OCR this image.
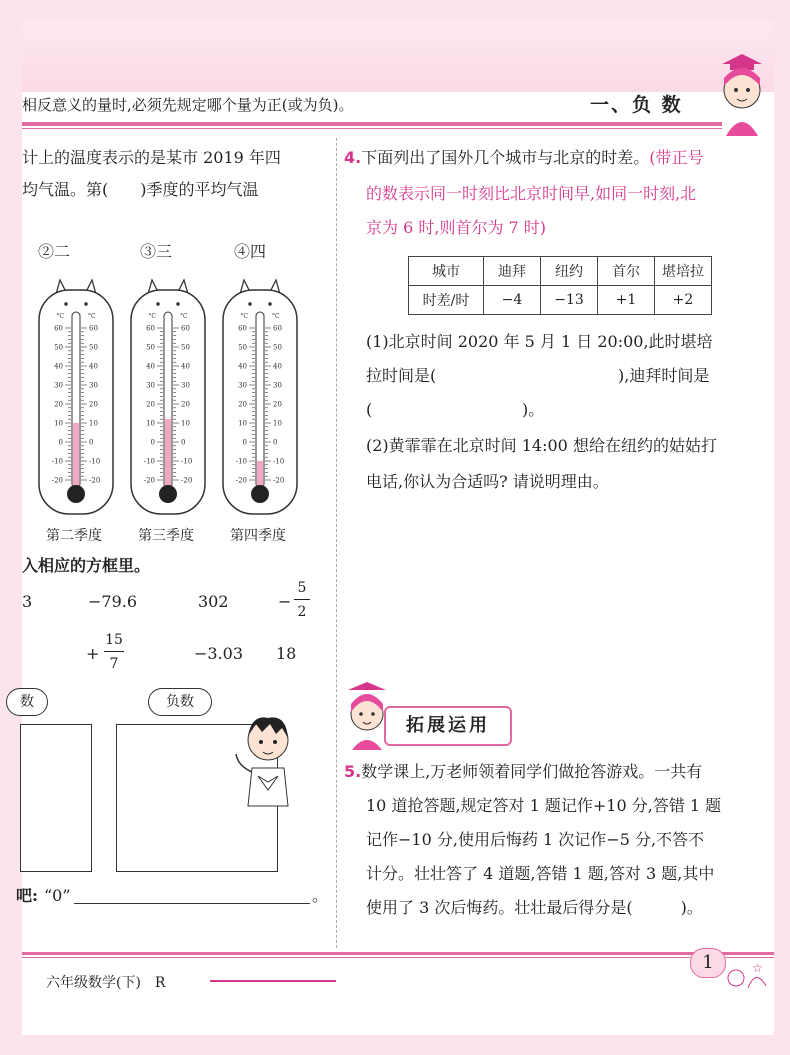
相反意义的量时,必须先规定哪个量为正(或为负)。	一、负 数
计上的温度表示的是某市 2019 年四
均气温。第(　　)季度的平均气温
②二	③三	④四
°C	°C
60	60
50	50
40	40
30	30
20	20
10	10
0	0
-10	-10
-20	-20
°C	°C
60	60
50	50
40	40
30	30
20	20
10	10
0	0
-10	-10
-20	-20
°C	°C
60	60
50	50
40	40
30	30
20	20
10	10
0	0
-10	-10
-20	-20
第二季度	第三季度	第四季度
入相应的方框里。
3	−79.6	302	−
5
2
+
15
7
−3.03 18
数	负数
吧: “0”	。
4.下面列出了国外几个城市与北京的时差。(带正号
的数表示同一时刻比北京时间早,如同一时刻,北
京为 6 时,则首尔为 7 时)
城市	迪拜	纽约	首尔	堪培拉
时差/时	−4	−13	+1	+2
(1)北京时间 2020 年 5 月 1 日 20:00,此时堪培
拉时间是(	),迪拜时间是
(	)。
(2)黄霏霏在北京时间 14:00 想给在纽约的姑姑打
电话,你认为合适吗? 请说明理由。
拓展运用
5.数学课上,万老师领着同学们做抢答游戏。一共有
10 道抢答题,规定答对 1 题记作+10 分,答错 1 题
记作−10 分,使用后悔药 1 次记作−5 分,不答不
计分。壮壮答了 4 道题,答错 1 题,答对 3 题,其中
使用了 3 次后悔药。壮壮最后得分是(　　　)。
1
六年级数学(下)　R
☆
